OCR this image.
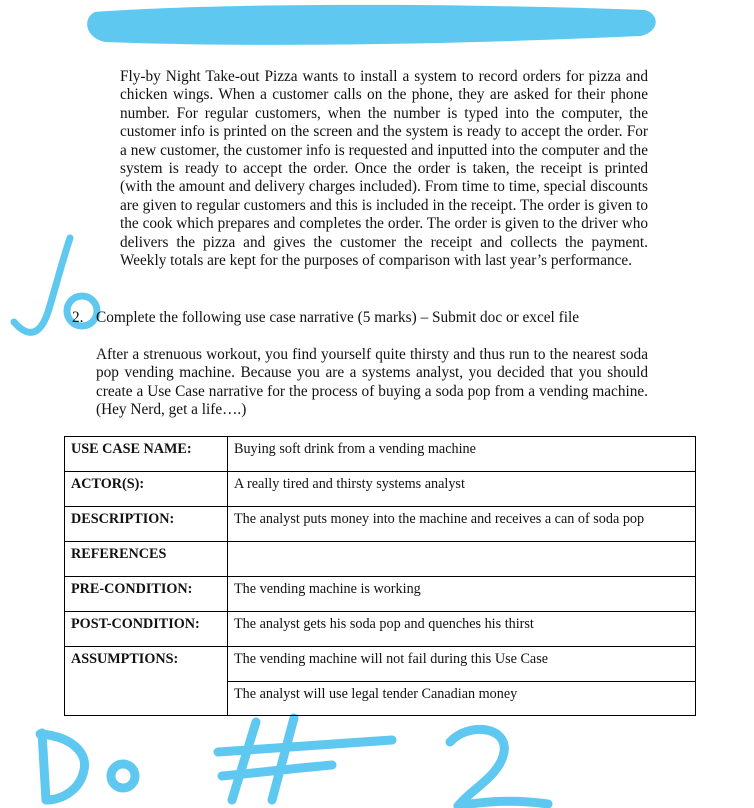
Fly-by Night Take-out Pizza wants to install a system to record orders for pizza and chicken wings. When a customer calls on the phone, they are asked for their phone number. For regular customers, when the number is typed into the computer, the customer info is printed on the screen and the system is ready to accept the order. For a new customer, the customer info is requested and inputted into the computer and the system is ready to accept the order. Once the order is taken, the receipt is printed (with the amount and delivery charges included). From time to time, special discounts are given to regular customers and this is included in the receipt. The order is given to the cook which prepares and completes the order. The order is given to the driver who delivers the pizza and gives the customer the receipt and collects the payment. Weekly totals are kept for the purposes of comparison with last year’s performance.

2. Complete the following use case narrative (5 marks) – Submit doc or excel file

After a strenuous workout, you find yourself quite thirsty and thus run to the nearest soda pop vending machine. Because you are a systems analyst, you decided that you should create a Use Case narrative for the process of buying a soda pop from a vending machine. (Hey Nerd, get a life….)

USE CASE NAME:	Buying soft drink from a vending machine
ACTOR(S):	A really tired and thirsty systems analyst
DESCRIPTION:	The analyst puts money into the machine and receives a can of soda pop
REFERENCES	
PRE-CONDITION:	The vending machine is working
POST-CONDITION:	The analyst gets his soda pop and quenches his thirst
ASSUMPTIONS:	The vending machine will not fail during this Use Case
	The analyst will use legal tender Canadian money
